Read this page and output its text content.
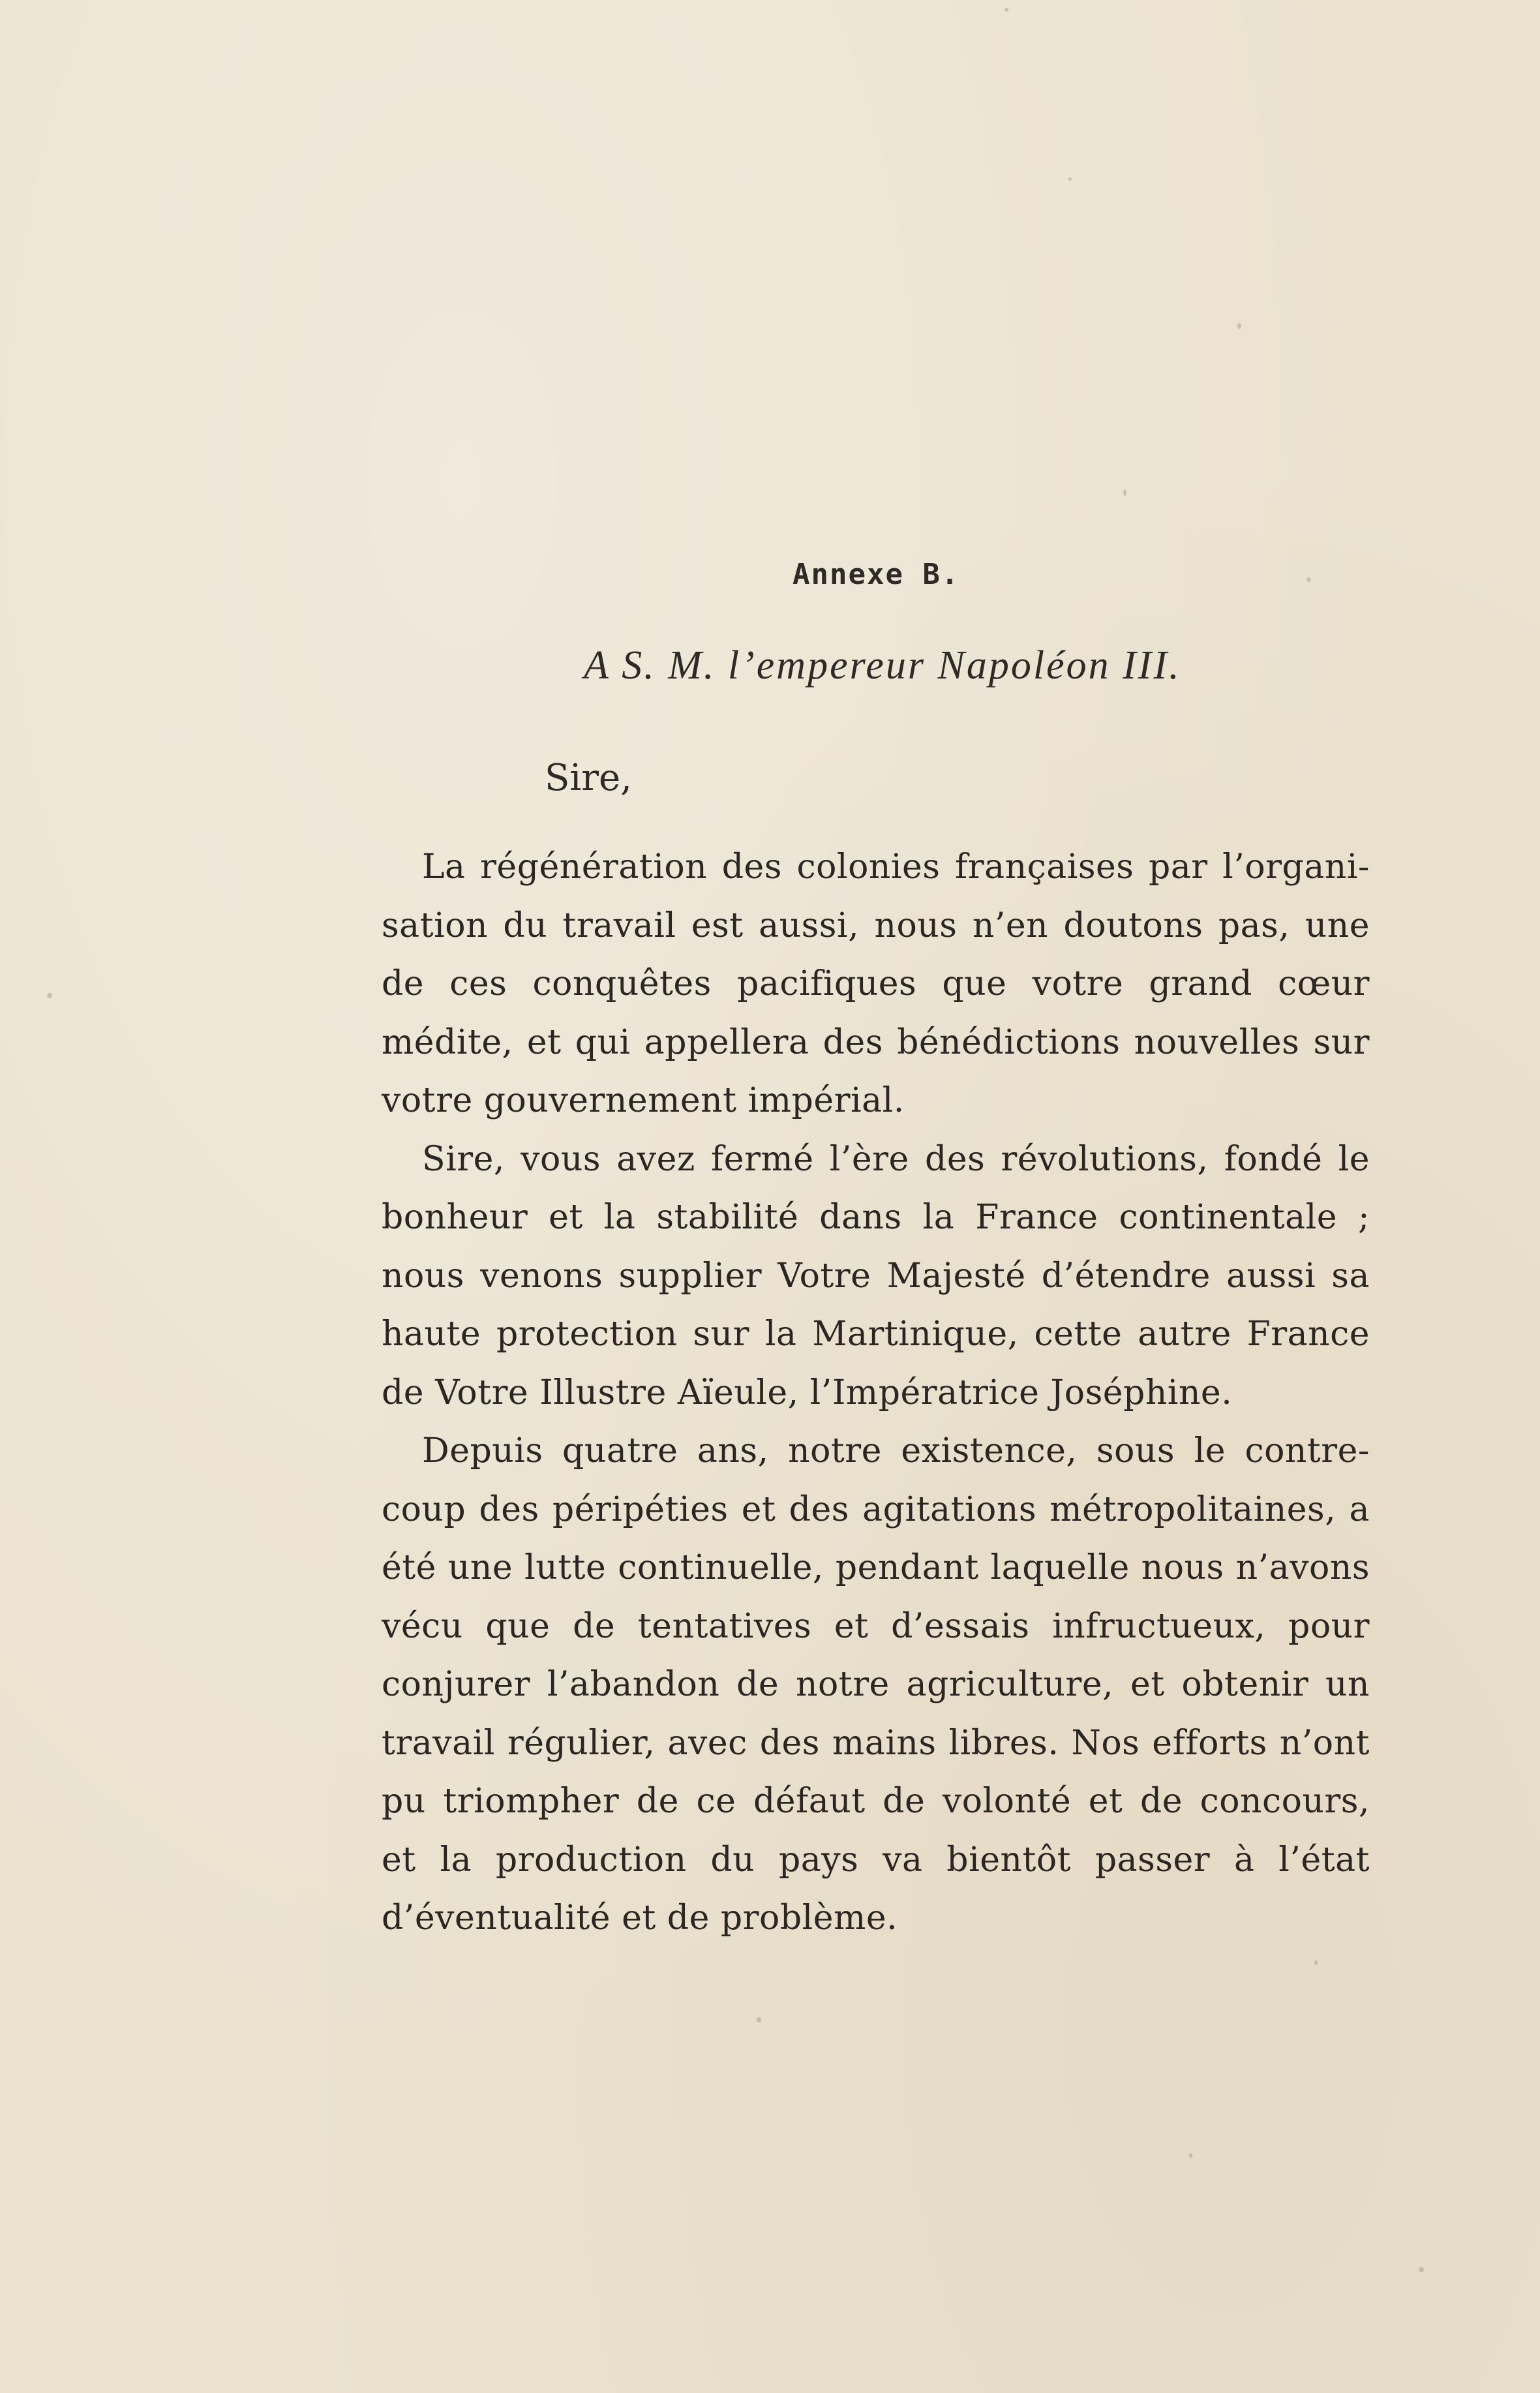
Annexe B.
A S. M. l’empereur Napoléon III.
Sire,
La régénération des colonies françaises par l’organi-
sation du travail est aussi, nous n’en doutons pas, une
de ces conquêtes pacifiques que votre grand cœur
médite, et qui appellera des bénédictions nouvelles sur
votre gouvernement impérial.
Sire, vous avez fermé l’ère des révolutions, fondé le
bonheur et la stabilité dans la France continentale ;
nous venons supplier Votre Majesté d’étendre aussi sa
haute protection sur la Martinique, cette autre France
de Votre Illustre Aïeule, l’Impératrice Joséphine.
Depuis quatre ans, notre existence, sous le contre-
coup des péripéties et des agitations métropolitaines, a
été une lutte continuelle, pendant laquelle nous n’avons
vécu que de tentatives et d’essais infructueux, pour
conjurer l’abandon de notre agriculture, et obtenir un
travail régulier, avec des mains libres. Nos efforts n’ont
pu triompher de ce défaut de volonté et de concours,
et la production du pays va bientôt passer à l’état
d’éventualité et de problème.
